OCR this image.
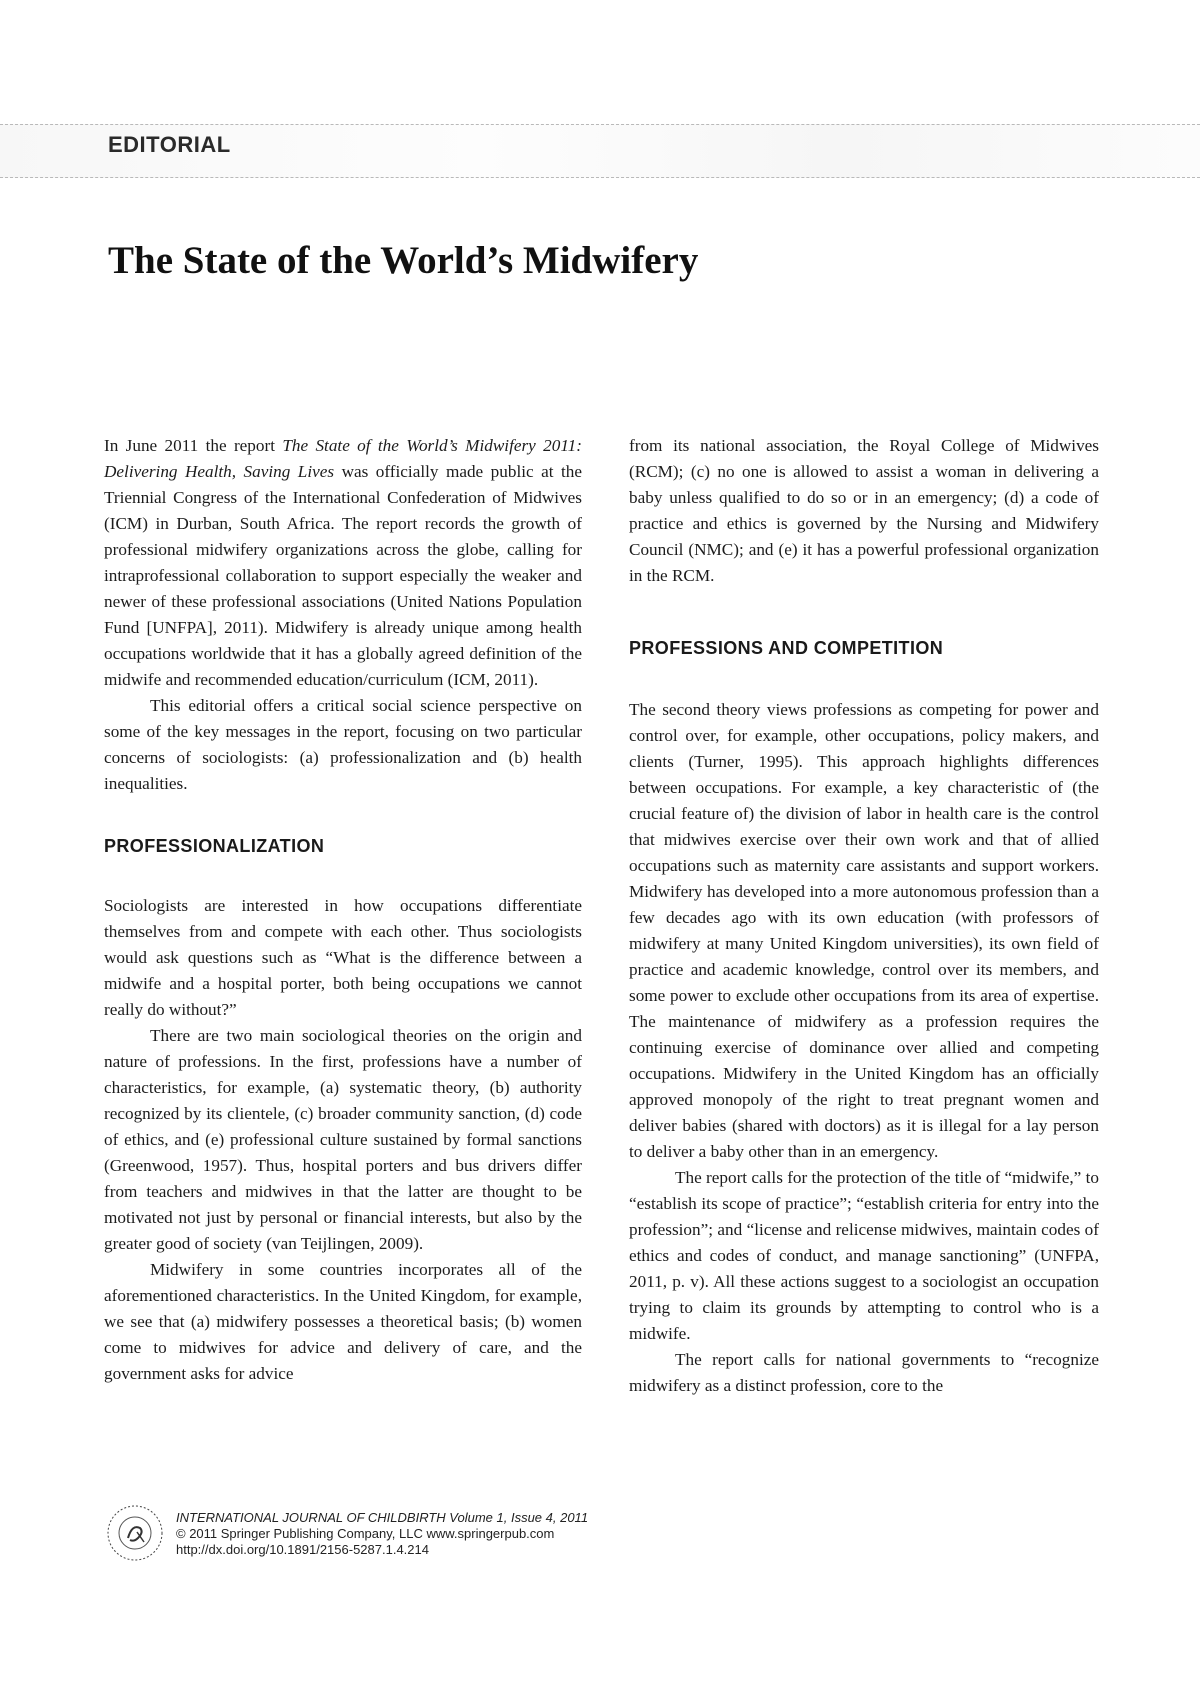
EDITORIAL
The State of the World’s Midwifery

In June 2011 the report The State of the World’s Midwifery 2011: Delivering Health, Saving Lives was officially made public at the Triennial Congress of the International Confederation of Midwives (ICM) in Durban, South Africa. The report records the growth of professional midwifery organizations across the globe, calling for intraprofessional collaboration to support especially the weaker and newer of these professional associations (United Nations Population Fund [UNFPA], 2011). Midwifery is already unique among health occupations worldwide that it has a globally agreed definition of the midwife and recommended education/curriculum (ICM, 2011).

This editorial offers a critical social science perspective on some of the key messages in the report, focusing on two particular concerns of sociologists: (a) professionalization and (b) health inequalities.

PROFESSIONALIZATION

Sociologists are interested in how occupations differentiate themselves from and compete with each other. Thus sociologists would ask questions such as “What is the difference between a midwife and a hospital porter, both being occupations we cannot really do without?”

There are two main sociological theories on the origin and nature of professions. In the first, professions have a number of characteristics, for example, (a) systematic theory, (b) authority recognized by its clientele, (c) broader community sanction, (d) code of ethics, and (e) professional culture sustained by formal sanctions (Greenwood, 1957). Thus, hospital porters and bus drivers differ from teachers and midwives in that the latter are thought to be motivated not just by personal or financial interests, but also by the greater good of society (van Teijlingen, 2009).

Midwifery in some countries incorporates all of the aforementioned characteristics. In the United Kingdom, for example, we see that (a) midwifery possesses a theoretical basis; (b) women come to midwives for advice and delivery of care, and the government asks for advice

from its national association, the Royal College of Midwives (RCM); (c) no one is allowed to assist a woman in delivering a baby unless qualified to do so or in an emergency; (d) a code of practice and ethics is governed by the Nursing and Midwifery Council (NMC); and (e) it has a powerful professional organization in the RCM.

PROFESSIONS AND COMPETITION

The second theory views professions as competing for power and control over, for example, other occupations, policy makers, and clients (Turner, 1995). This approach highlights differences between occupations. For example, a key characteristic of (the crucial feature of) the division of labor in health care is the control that midwives exercise over their own work and that of allied occupations such as maternity care assistants and support workers. Midwifery has developed into a more autonomous profession than a few decades ago with its own education (with professors of midwifery at many United Kingdom universities), its own field of practice and academic knowledge, control over its members, and some power to exclude other occupations from its area of expertise. The maintenance of midwifery as a profession requires the continuing exercise of dominance over allied and competing occupations. Midwifery in the United Kingdom has an officially approved monopoly of the right to treat pregnant women and deliver babies (shared with doctors) as it is illegal for a lay person to deliver a baby other than in an emergency.

The report calls for the protection of the title of “midwife,” to “establish its scope of practice”; “establish criteria for entry into the profession”; and “license and relicense midwives, maintain codes of ethics and codes of conduct, and manage sanctioning” (UNFPA, 2011, p. v). All these actions suggest to a sociologist an occupation trying to claim its grounds by attempting to control who is a midwife.

The report calls for national governments to “recognize midwifery as a distinct profession, core to the

INTERNATIONAL JOURNAL OF CHILDBIRTH Volume 1, Issue 4, 2011
© 2011 Springer Publishing Company, LLC www.springerpub.com
http://dx.doi.org/10.1891/2156-5287.1.4.214
